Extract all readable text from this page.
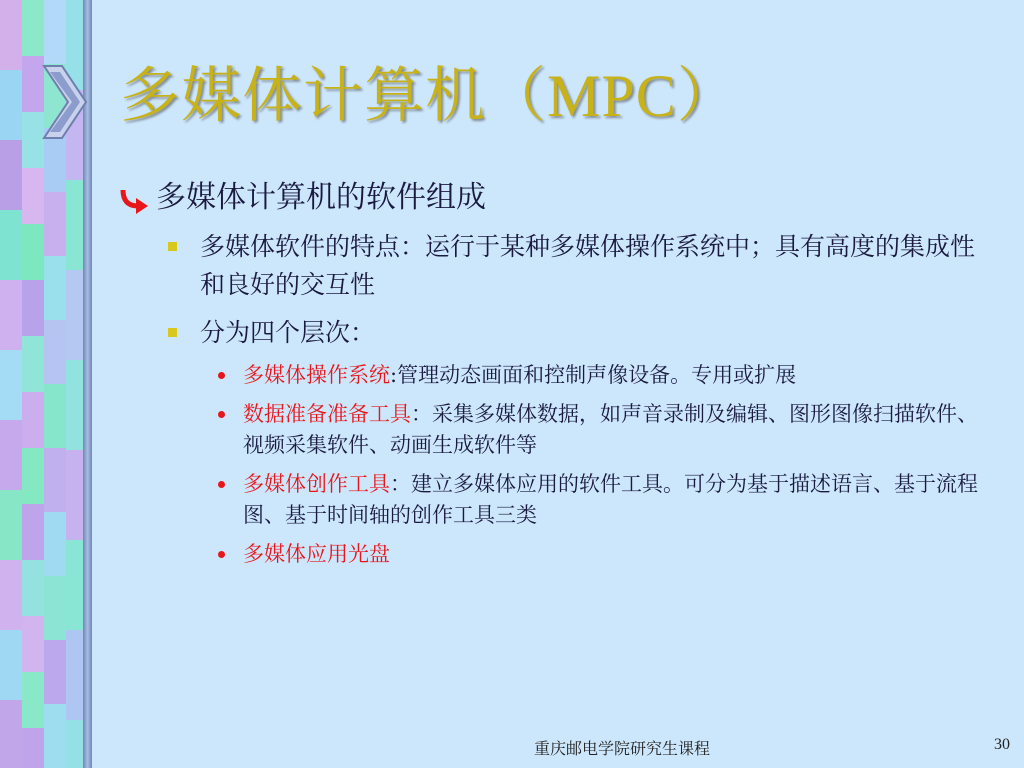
多媒体计算机（MPC）
多媒体计算机的软件组成
多媒体软件的特点：运行于某种多媒体操作系统中；具有高度的集成性和良好的交互性
分为四个层次：
多媒体操作系统:管理动态画面和控制声像设备。专用或扩展
数据准备准备工具：采集多媒体数据，如声音录制及编辑、图形图像扫描软件、视频采集软件、动画生成软件等
多媒体创作工具：建立多媒体应用的软件工具。可分为基于描述语言、基于流程图、基于时间轴的创作工具三类
多媒体应用光盘
重庆邮电学院研究生课程	30
